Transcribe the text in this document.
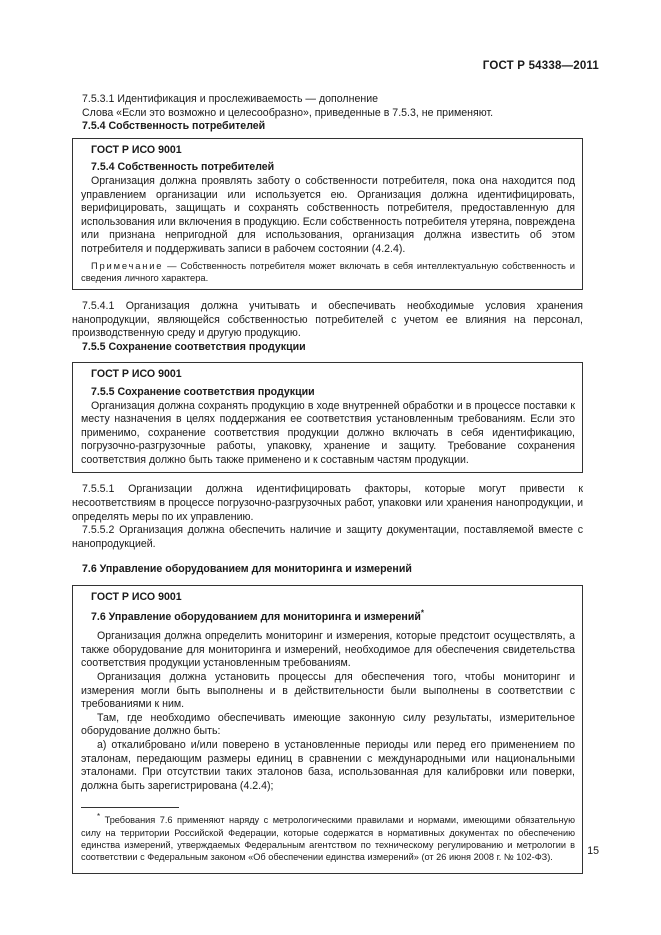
ГОСТ Р 54338—2011

7.5.3.1 Идентификация и прослеживаемость — дополнение

Слова «Если это возможно и целесообразно», приведенные в 7.5.3, не применяют.

7.5.4 Собственность потребителей

ГОСТ Р ИСО 9001

7.5.4 Собственность потребителей

Организация должна проявлять заботу о собственности потребителя, пока она находится под управлением организации или используется ею. Организация должна идентифицировать, верифицировать, защищать и сохранять собственность потребителя, предоставленную для использования или включения в продукцию. Если собственность потребителя утеряна, повреждена или признана непригодной для использования, организация должна известить об этом потребителя и поддерживать записи в рабочем состоянии (4.2.4).

Примечание — Собственность потребителя может включать в себя интеллектуальную собственность и сведения личного характера.

7.5.4.1 Организация должна учитывать и обеспечивать необходимые условия хранения нанопродукции, являющейся собственностью потребителей с учетом ее влияния на персонал, производственную среду и другую продукцию.

7.5.5 Сохранение соответствия продукции

ГОСТ Р ИСО 9001

7.5.5 Сохранение соответствия продукции

Организация должна сохранять продукцию в ходе внутренней обработки и в процессе поставки к месту назначения в целях поддержания ее соответствия установленным требованиям. Если это применимо, сохранение соответствия продукции должно включать в себя идентификацию, погрузочно-разгрузочные работы, упаковку, хранение и защиту. Требование сохранения соответствия должно быть также применено и к составным частям продукции.

7.5.5.1 Организации должна идентифицировать факторы, которые могут привести к несоответствиям в процессе погрузочно-разгрузочных работ, упаковки или хранения нанопродукции, и определять меры по их управлению.

7.5.5.2 Организация должна обеспечить наличие и защиту документации, поставляемой вместе с нанопродукцией.

7.6 Управление оборудованием для мониторинга и измерений

ГОСТ Р ИСО 9001

7.6 Управление оборудованием для мониторинга и измерений*

Организация должна определить мониторинг и измерения, которые предстоит осуществлять, а также оборудование для мониторинга и измерений, необходимое для обеспечения свидетельства соответствия продукции установленным требованиям.

Организация должна установить процессы для обеспечения того, чтобы мониторинг и измерения могли быть выполнены и в действительности были выполнены в соответствии с требованиями к ним.

Там, где необходимо обеспечивать имеющие законную силу результаты, измерительное оборудование должно быть:

а) откалибровано и/или поверено в установленные периоды или перед его применением по эталонам, передающим размеры единиц в сравнении с международными или национальными эталонами. При отсутствии таких эталонов база, использованная для калибровки или поверки, должна быть зарегистрирована (4.2.4);

* Требования 7.6 применяют наряду с метрологическими правилами и нормами, имеющими обязательную силу на территории Российской Федерации, которые содержатся в нормативных документах по обеспечению единства измерений, утверждаемых Федеральным агентством по техническому регулированию и метрологии в соответствии с Федеральным законом «Об обеспечении единства измерений» (от 26 июня 2008 г. № 102-ФЗ).	15
